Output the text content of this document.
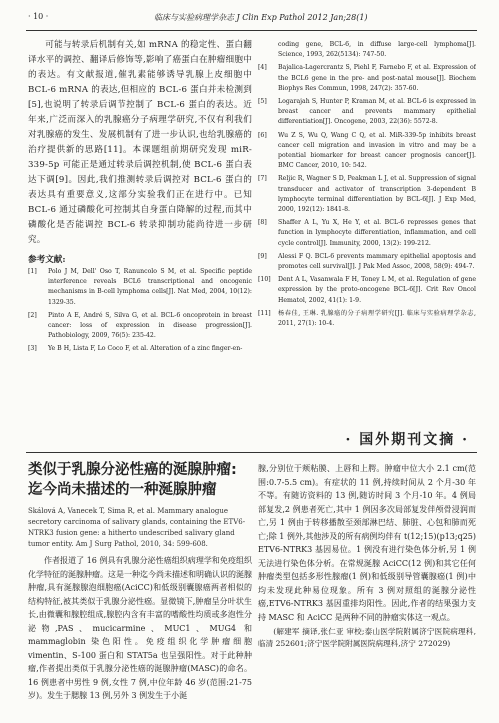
· 10 ·	临床与实验病理学杂志 J Clin Exp Pathol 2012 Jan;28(1)

可能与转录后机制有关,如 mRNA 的稳定性、蛋白翻译水平的调控、翻译后修饰等,影响了癌蛋白在肿瘤细胞中的表达。有文献报道,催乳素能够诱导乳腺上皮细胞中 BCL-6 mRNA 的表达,但相应的 BCL-6 蛋白并未检测到[5],也说明了转录后调节控制了 BCL-6 蛋白的表达。近年来,广泛而深入的乳腺癌分子病理学研究,不仅有利我们对乳腺癌的发生、发展机制有了进一步认识,也给乳腺癌的治疗提供新的思路[11]。本课题组前期研究发现 miR-339-5p 可能正是通过转录后调控机制,使 BCL-6 蛋白表达下调[9]。因此,我们推测转录后调控对 BCL-6 蛋白的表达具有重要意义,这部分实验我们正在进行中。已知 BCL-6 通过磷酸化可控制其自身蛋白降解的过程,而其中磷酸化是否能调控 BCL-6 转录抑制功能尚待进一步研究。

参考文献:
[1] Polo J M, Dell' Oso T, Ranuncolo S M, et al. Specific peptide interference reveals BCL6 transcriptional and oncogenic mechanisms in B-cell lymphoma cells[J]. Nat Med, 2004, 10(12): 1329-35.
[2] Pinto A E, André S, Silva G, et al. BCL-6 oncoprotein in breast cancer: loss of expression in disease progression[J]. Pathobiology, 2009, 76(5): 235-42.
[3] Ye B H, Lista F, Lo Coco F, et al. Alteration of a zinc finger-en-
coding gene, BCL-6, in diffuse large-cell lymphoma[J]. Science, 1993, 262(5134): 747-50.
[4] Bajalica-Lagercrantz S, Piehl F, Farnebo F, et al. Expression of the BCL6 gene in the pre- and post-natal mouse[J]. Biochem Biophys Res Commun, 1998, 247(2): 357-60.
[5] Logarajah S, Hunter P, Kraman M, et al. BCL-6 is expressed in breast cancer and prevents mammary epithelial differentiation[J]. Oncogene, 2003, 22(36): 5572-8.
[6] Wu Z S, Wu Q, Wang C Q, et al. MiR-339-5p inhibits breast cancer cell migration and invasion in vitro and may be a potential biomarker for breast cancer prognosis cancer[J]. BMC Cancer, 2010, 10: 542.
[7] Reljic R, Wagner S D, Peakman L J, et al. Suppression of signal transducer and activator of transcription 3-dependent B lymphocyte terminal differentiation by BCL-6[J]. J Exp Med, 2000, 192(12): 1841-8.
[8] Shaffer A L, Yu X, He Y, et al. BCL-6 represses genes that function in lymphocyte differentiation, inflammation, and cell cycle control[J]. Immunity, 2000, 13(2): 199-212.
[9] Alessi F Q. BCL-6 prevents mammary epithelial apoptosis and promotes cell survival[J]. J Pak Med Assoc, 2008, 58(9): 494-7.
[10] Dent A L, Vasanwala F H, Toney L M, et al. Regulation of gene expression by the proto-oncogene BCL-6[J]. Crit Rev Oncol Hematol, 2002, 41(1): 1-9.
[11] 杨春佳, 王琳. 乳腺癌的分子病理学研究[J]. 临床与实验病理学杂志, 2011, 27(1): 10-4.
· 国外期刊文摘 ·
类似于乳腺分泌性癌的涎腺肿瘤:
迄今尚未描述的一种涎腺肿瘤
Skálová A, Vanecek T, Sima R, et al. Mammary analogue secretory carcinoma of salivary glands, containing the ETV6-NTRK3 fusion gene: a hitherto undescribed salivary gland tumor entity. Am J Surg Pathol, 2010, 34: 599-608.
作者报道了 16 例具有乳腺分泌性癌组织病理学和免疫组织化学特征的涎腺肿瘤。这是一种迄今尚未描述和明确认识的涎腺肿瘤,具有涎腺腺泡细胞癌(AciCC)和低级别囊腺癌两者相似的结构特征,被其类似于乳腺分泌性癌。显微镜下,肿瘤呈分叶状生长,由微囊和腺腔组成,腺腔内含有丰富的嗜酸性均质或多泡性分泌物,PAS、mucicarmine、MUC1、MUG4 和 mammaglobin 染色阳性。免疫组织化学肿瘤细胞 vimentin、S-100 蛋白和 STAT5a 也呈强阳性。对于此种肿瘤,作者提出类似于乳腺分泌性癌的涎腺肿瘤(MASC)的命名。16 例患者中男性 9 例,女性 7 例,中位年龄 46 岁(范围:21-75 岁)。发生于腮腺 13 例,另外 3 例发生于小涎
腺,分别位于颊粘膜、上唇和上腭。肿瘤中位大小 2.1 cm(范围:0.7-5.5 cm)。有症状的 11 例,持续时间从 2 个月-30 年不等。有随访资料的 13 例,随访时间 3 个月-10 年。4 例局部复发,2 例患者死亡,其中 1 例因多次局部复发伴颅骨浸润而亡,另 1 例由于转移播散至颈部淋巴结、肺脏、心包和肺而死亡;除 1 例外,其他涉及的所有病例均伴有 t(12;15)(p13;q25) ETV6-NTRK3 基因易位。1 例没有进行染色体分析,另 1 例无法进行染色体分析。在常规涎腺 AciCC(12 例)和其它任何肿瘤类型包括多形性腺瘤(1 例)和低级别导管囊腺癌(1 例)中均未发现此种易位现象。所有 3 例对照组的涎腺分泌性癌,ETV6-NTRK3 基因重排均阳性。因此,作者的结果强力支持 MASC 和 AciCC 是两种不同的肿瘤实体这一观点。
(解建军 摘译,张仁亚 审校;泰山医学院附属济宁医院病理科,临清 252601;济宁医学院附属医院病理科,济宁 272029)
